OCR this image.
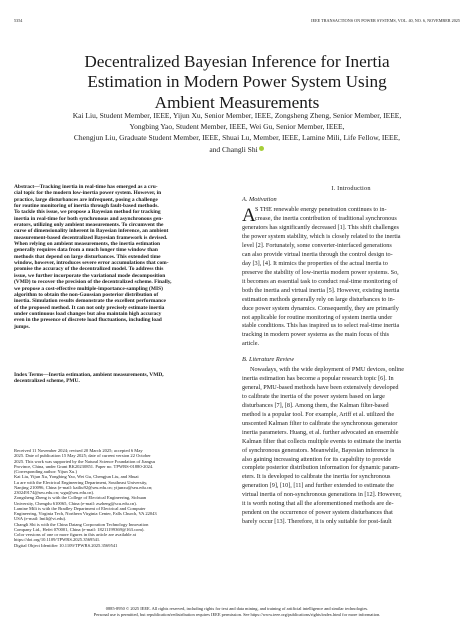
5354	IEEE TRANSACTIONS ON POWER SYSTEMS, VOL. 40, NO. 6, NOVEMBER 2025
Decentralized Bayesian Inference for Inertia
Estimation in Modern Power System Using
Ambient Measurements
Kai Liu, Student Member, IEEE, Yijun Xu, Senior Member, IEEE, Zongsheng Zheng, Senior Member, IEEE,
Yongbing Yao, Student Member, IEEE, Wei Gu, Senior Member, IEEE,
Chengjun Liu, Graduate Student Member, IEEE, Shuai Lu, Member, IEEE, Lamine Mili, Life Fellow, IEEE,
and Changli Shi
Abstract—Tracking inertia in real-time has emerged as a cru-
cial topic for the modern low-inertia power system. However, in
practice, large disturbances are infrequent, posing a challenge
for routine monitoring of inertia through fault-based methods.
To tackle this issue, we propose a Bayesian method for tracking
inertia in real-time for both synchronous and asynchronous gen-
erators, utilizing only ambient measurements. To circumvent the
curse of dimensionality inherent in Bayesian inference, an ambient
measurement-based decentralized Bayesian framework is devised.
When relying on ambient measurements, the inertia estimation
generally requires data from a much longer time window than
methods that depend on large disturbances. This extended time
window, however, introduces severe error accumulations that com-
promise the accuracy of the decentralized model. To address this
issue, we further incorporate the variational mode decomposition
(VMD) to recover the precision of the decentralized scheme. Finally,
we propose a cost-effective multiple-importance-sampling (MIS)
algorithm to obtain the non-Gaussian posterior distribution of
inertia. Simulation results demonstrate the excellent performance
of the proposed method. It can not only precisely estimate inertia
under continuous load changes but also maintain high accuracy
even in the presence of discrete load fluctuations, including load
jumps.
Index Terms—Inertia estimation, ambient measurements, VMD,
decentralized scheme, PMU.
Received 11 November 2024; revised 20 March 2025; accepted 6 May
2025. Date of publication 15 May 2025; date of current version 22 October
2025. This work was supported by the Natural Science Foundation of Jiangsu
Province, China, under Grant BK20230851. Paper no. TPWRS-01880-2024.
(Corresponding author: Yijun Xu.)
Kai Liu, Yijun Xu, Yongbing Yao, Wei Gu, Chengjun Liu, and Shuai
Lu are with the Electrical Engineering Department, Southeast University,
Nanjing 210096, China (e-mail: kailiu92@seu.edu.cn; yijunxu@seu.edu.cn;
230249174@seu.edu.cn; wgu@seu.edu.cn).
Zongsheng Zheng is with the College of Electrical Engineering, Sichuan
University, Chengdu 610065, China (e-mail: zszheng@scu.edu.cn).
Lamine Mili is with the Bradley Department of Electrical and Computer
Engineering, Virginia Tech, Northern Virginia Center, Falls Church, VA 22043
USA (e-mail: lmili@vt.edu).
Changli Shi is with the China Datang Corporation Technology Innovation
Company Ltd., Hefei 070001, China (e-mail: 18211199369@163.com).
Color versions of one or more figures in this article are available at
https://doi.org/10.1109/TPWRS.2025.3569541.
Digital Object Identifier 10.1109/TPWRS.2025.3569541
I. Introduction
A. Motivation
A S THE renewable energy penetration continues to in-
crease, the inertia contribution of traditional synchronous
generators has significantly decreased [1]. This shift challenges
the power system stability, which is closely related to the inertia
level [2]. Fortunately, some converter-interfaced generations
can also provide virtual inertia through the control design to-
day [3], [4]. It mimics the properties of the actual inertia to
preserve the stability of low-inertia modern power systems. So,
it becomes an essential task to conduct real-time monitoring of
both the inertia and virtual inertia [5]. However, existing inertia
estimation methods generally rely on large disturbances to in-
duce power system dynamics. Consequently, they are primarily
not applicable for routine monitoring of system inertia under
stable conditions. This has inspired us to select real-time inertia
tracking in modern power systems as the main focus of this
article.
B. Literature Review
Nowadays, with the wide deployment of PMU devices, online
inertia estimation has become a popular research topic [6]. In
general, PMU-based methods have been extensively developed
to calibrate the inertia of the power system based on large
disturbances [7], [8]. Among them, the Kalman filter-based
method is a popular tool. For example, Ariff et al. utilized the
unscented Kalman filter to calibrate the synchronous generator
inertia parameters. Huang, et al. further advocated an ensemble
Kalman filter that collects multiple events to estimate the inertia
of synchronous generators. Meanwhile, Bayesian inference is
also gaining increasing attention for its capability to provide
complete posterior distribution information for dynamic param-
eters. It is developed to calibrate the inertia for synchronous
generation [9], [10], [11] and further extended to estimate the
virtual inertia of non-synchronous generations in [12]. However,
it is worth noting that all the aforementioned methods are de-
pendent on the occurrence of power system disturbances that
barely occur [13]. Therefore, it is only suitable for post-fault
0885-8950 © 2025 IEEE. All rights reserved, including rights for text and data mining, and training of artificial intelligence and similar technologies.
Personal use is permitted, but republication/redistribution requires IEEE permission. See https://www.ieee.org/publications/rights/index.html for more information.
